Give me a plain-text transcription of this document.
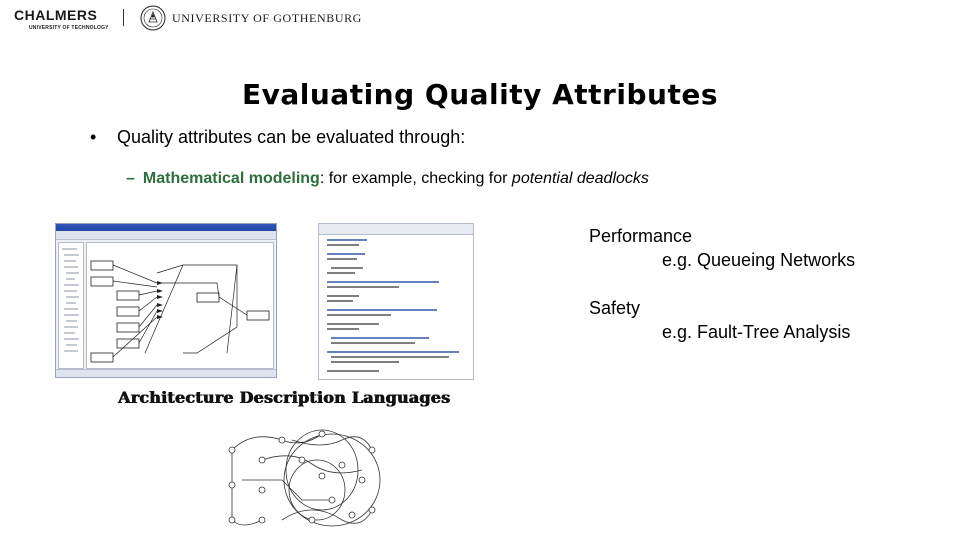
CHALMERS
UNIVERSITY OF TECHNOLOGY
UNIVERSITY OF GOTHENBURG
Evaluating Quality Attributes
• Quality attributes can be evaluated through:
– Mathematical modeling: for example, checking for potential deadlocks
Performance
e.g. Queueing Networks
Safety
e.g. Fault-Tree Analysis
Architecture Description Languages
